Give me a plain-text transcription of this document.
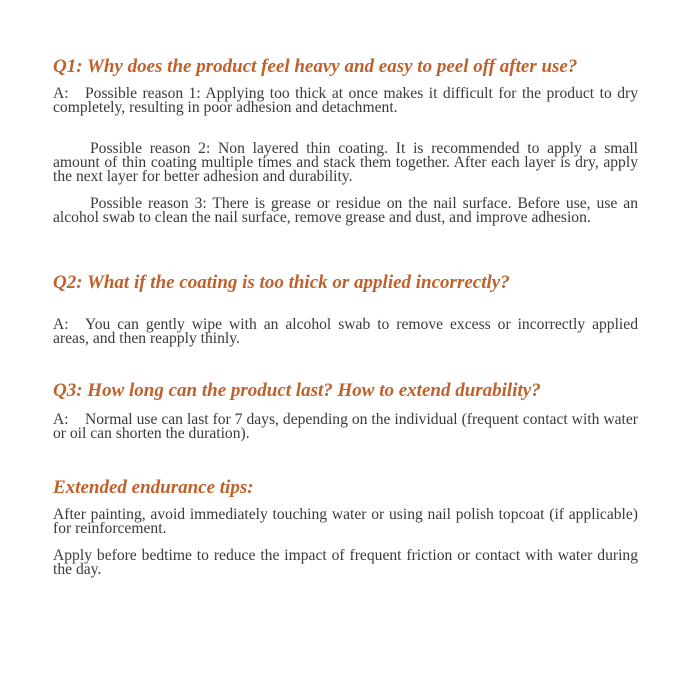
Q1: Why does the product feel heavy and easy to peel off after use?

A: Possible reason 1: Applying too thick at once makes it difficult for the product to dry completely, resulting in poor adhesion and detachment.

Possible reason 2: Non layered thin coating. It is recommended to apply a small amount of thin coating multiple times and stack them together. After each layer is dry, apply the next layer for better adhesion and durability.

Possible reason 3: There is grease or residue on the nail surface. Before use, use an alcohol swab to clean the nail surface, remove grease and dust, and improve adhesion.

Q2: What if the coating is too thick or applied incorrectly?

A: You can gently wipe with an alcohol swab to remove excess or incorrectly applied areas, and then reapply thinly.

Q3: How long can the product last? How to extend durability?

A: Normal use can last for 7 days, depending on the individual (frequent contact with water or oil can shorten the duration).

Extended endurance tips:

After painting, avoid immediately touching water or using nail polish topcoat (if applicable) for reinforcement.

Apply before bedtime to reduce the impact of frequent friction or contact with water during the day.
